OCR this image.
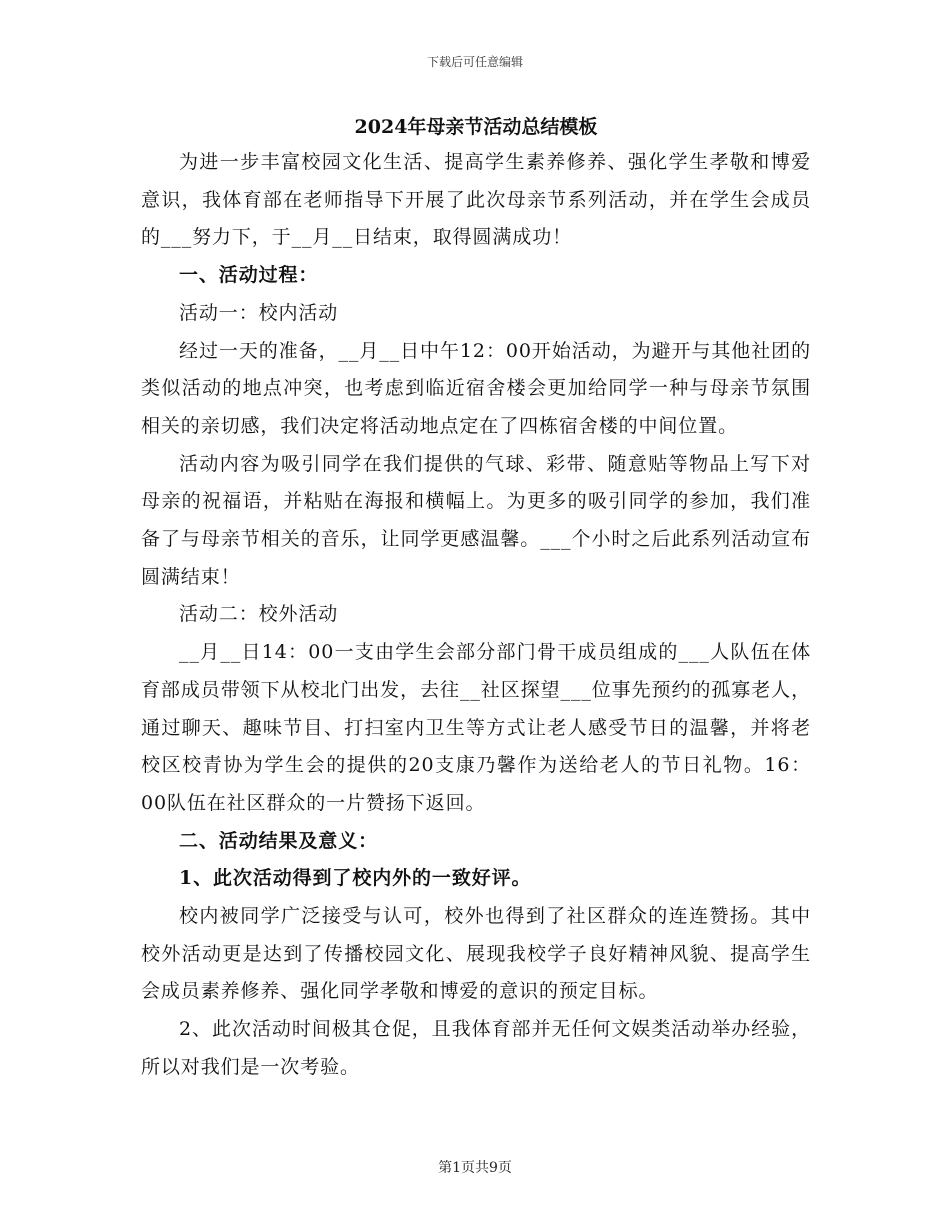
下载后可任意编辑
2024年母亲节活动总结模板

为进一步丰富校园文化生活、提高学生素养修养、强化学生孝敬和博爱意识，我体育部在老师指导下开展了此次母亲节系列活动，并在学生会成员的___努力下，于__月__日结束，取得圆满成功！

一、活动过程：

活动一：校内活动

经过一天的准备，__月__日中午12：00开始活动，为避开与其他社团的类似活动的地点冲突，也考虑到临近宿舍楼会更加给同学一种与母亲节氛围相关的亲切感，我们决定将活动地点定在了四栋宿舍楼的中间位置。

活动内容为吸引同学在我们提供的气球、彩带、随意贴等物品上写下对母亲的祝福语，并粘贴在海报和横幅上。为更多的吸引同学的参加，我们准备了与母亲节相关的音乐，让同学更感温馨。___个小时之后此系列活动宣布圆满结束！

活动二：校外活动

__月__日14：00一支由学生会部分部门骨干成员组成的___人队伍在体育部成员带领下从校北门出发，去往__社区探望___位事先预约的孤寡老人，通过聊天、趣味节目、打扫室内卫生等方式让老人感受节日的温馨，并将老校区校青协为学生会的提供的20支康乃馨作为送给老人的节日礼物。16：00队伍在社区群众的一片赞扬下返回。

二、活动结果及意义：

1、此次活动得到了校内外的一致好评。

校内被同学广泛接受与认可，校外也得到了社区群众的连连赞扬。其中校外活动更是达到了传播校园文化、展现我校学子良好精神风貌、提高学生会成员素养修养、强化同学孝敬和博爱的意识的预定目标。

2、此次活动时间极其仓促，且我体育部并无任何文娱类活动举办经验，所以对我们是一次考验。

第1页共9页
